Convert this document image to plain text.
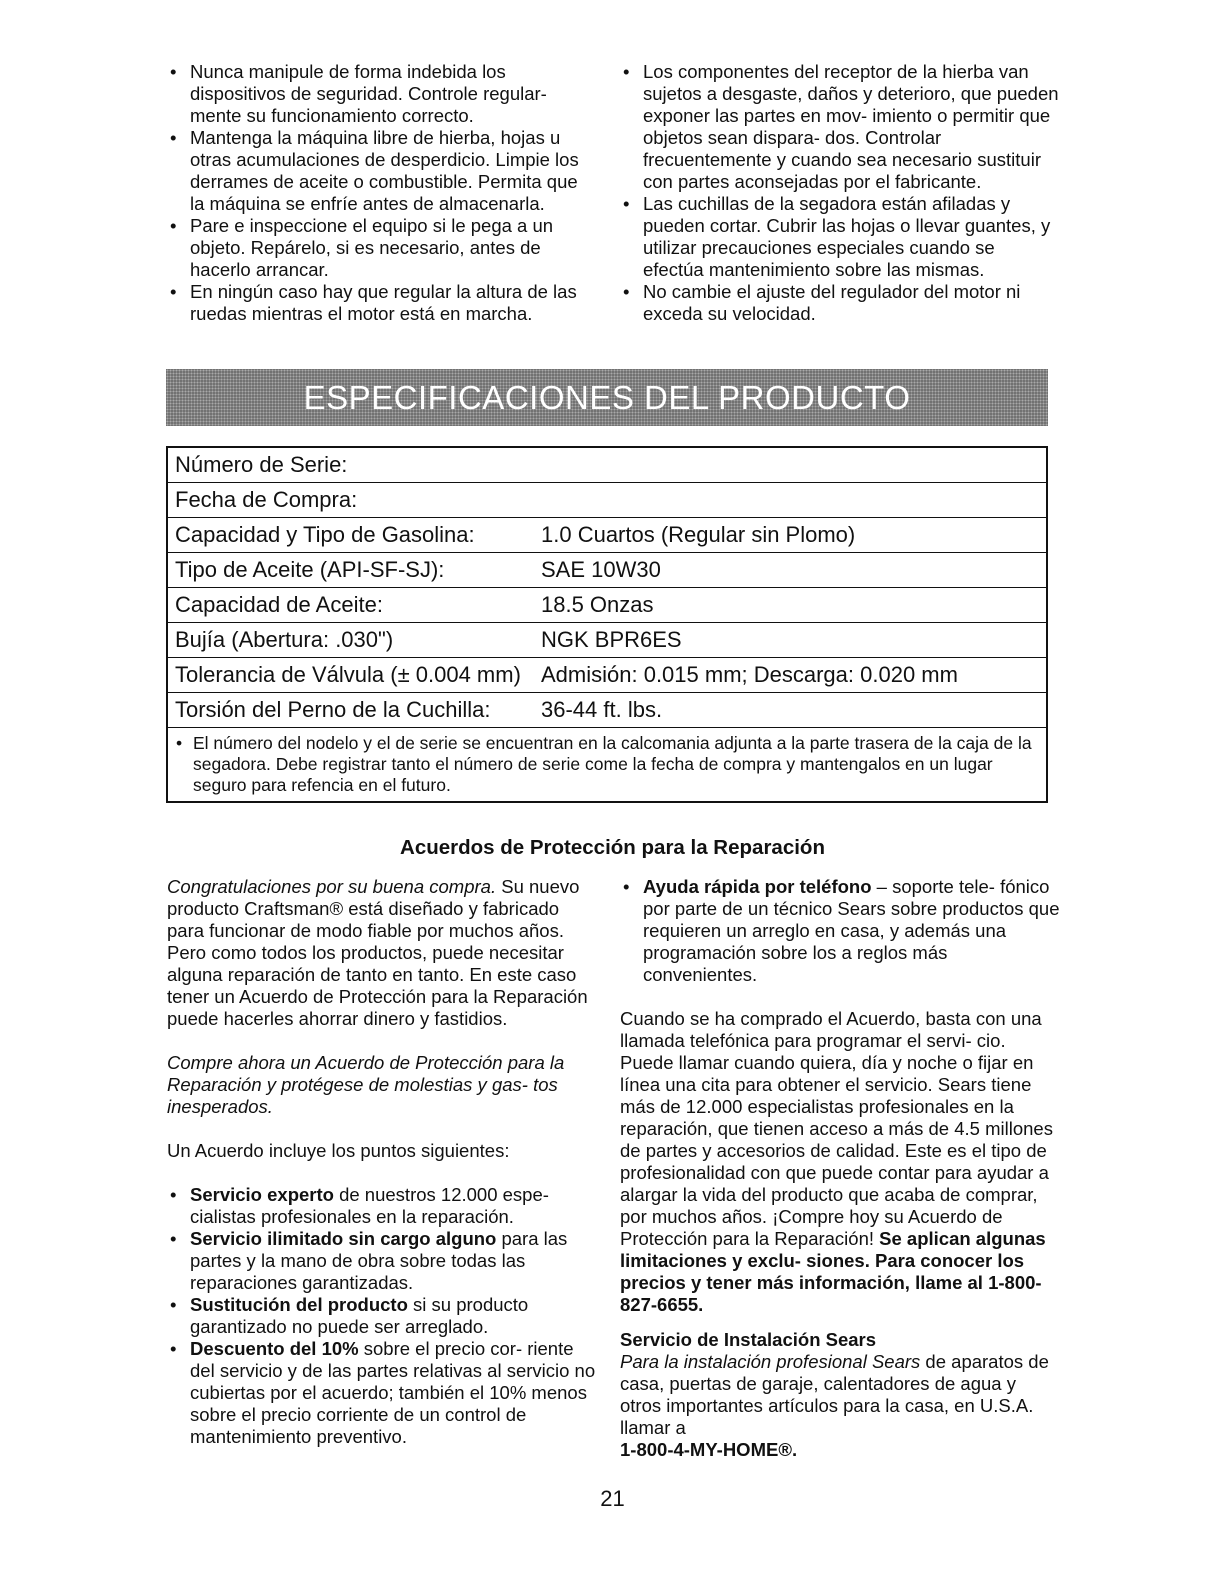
• Nunca manipule de forma indebida los dispositivos de seguridad. Controle regular- mente su funcionamiento correcto.
• Mantenga la máquina libre de hierba, hojas u otras acumulaciones de desperdicio. Limpie los derrames de aceite o combustible. Permita que la máquina se enfríe antes de almacenarla.
• Pare e inspeccione el equipo si le pega a un objeto. Repárelo, si es necesario, antes de hacerlo arrancar.
• En ningún caso hay que regular la altura de las ruedas mientras el motor está en marcha.
• Los componentes del receptor de la hierba van sujetos a desgaste, daños y deterioro, que pueden exponer las partes en mov- imiento o permitir que objetos sean dispara- dos. Controlar frecuentemente y cuando sea necesario sustituir con partes aconsejadas por el fabricante.
• Las cuchillas de la segadora están afiladas y pueden cortar. Cubrir las hojas o llevar guantes, y utilizar precauciones especiales cuando se efectúa mantenimiento sobre las mismas.
• No cambie el ajuste del regulador del motor ni exceda su velocidad.
ESPECIFICACIONES DEL PRODUCTO
Número de Serie:
Fecha de Compra:
Capacidad y Tipo de Gasolina:	1.0 Cuartos (Regular sin Plomo)
Tipo de Aceite (API-SF-SJ):	SAE 10W30
Capacidad de Aceite:	18.5 Onzas
Bujía (Abertura: .030")	NGK BPR6ES
Tolerancia de Válvula (± 0.004 mm) Admisión: 0.015 mm; Descarga: 0.020 mm
Torsión del Perno de la Cuchilla:	36-44 ft. lbs.
• El número del nodelo y el de serie se encuentran en la calcomania adjunta a la parte trasera de la caja de la segadora. Debe registrar tanto el número de serie come la fecha de compra y mantengalos en un lugar seguro para refencia en el futuro.
Acuerdos de Protección para la Reparación

Congratulaciones por su buena compra. Su nuevo producto Craftsman® está diseñado y fabricado para funcionar de modo fiable por muchos años. Pero como todos los productos, puede necesitar alguna reparación de tanto en tanto. En este caso tener un Acuerdo de Protección para la Reparación puede hacerles ahorrar dinero y fastidios.

Compre ahora un Acuerdo de Protección para la Reparación y protégese de molestias y gas- tos inesperados.

Un Acuerdo incluye los puntos siguientes:

• Servicio experto de nuestros 12.000 espe- cialistas profesionales en la reparación.
• Servicio ilimitado sin cargo alguno para las partes y la mano de obra sobre todas las reparaciones garantizadas.
• Sustitución del producto si su producto garantizado no puede ser arreglado.
• Descuento del 10% sobre el precio cor- riente del servicio y de las partes relativas al servicio no cubiertas por el acuerdo; también el 10% menos sobre el precio corriente de un control de mantenimiento preventivo.
• Ayuda rápida por teléfono – soporte tele- fónico por parte de un técnico Sears sobre productos que requieren un arreglo en casa, y además una programación sobre los a reglos más convenientes.

Cuando se ha comprado el Acuerdo, basta con una llamada telefónica para programar el servi- cio. Puede llamar cuando quiera, día y noche o fijar en línea una cita para obtener el servicio. Sears tiene más de 12.000 especialistas profesionales en la reparación, que tienen acceso a más de 4.5 millones de partes y accesorios de calidad. Este es el tipo de profesionalidad con que puede contar para ayudar a alargar la vida del producto que acaba de comprar, por muchos años. ¡Compre hoy su Acuerdo de Protección para la Reparación! Se aplican algunas limitaciones y exclu- siones. Para conocer los precios y tener más información, llame al 1-800-827-6655.

Servicio de Instalación Sears

Para la instalación profesional Sears de aparatos de casa, puertas de garaje, calentadores de agua y otros importantes artículos para la casa, en U.S.A. llamar a
1-800-4-MY-HOME®.

21
